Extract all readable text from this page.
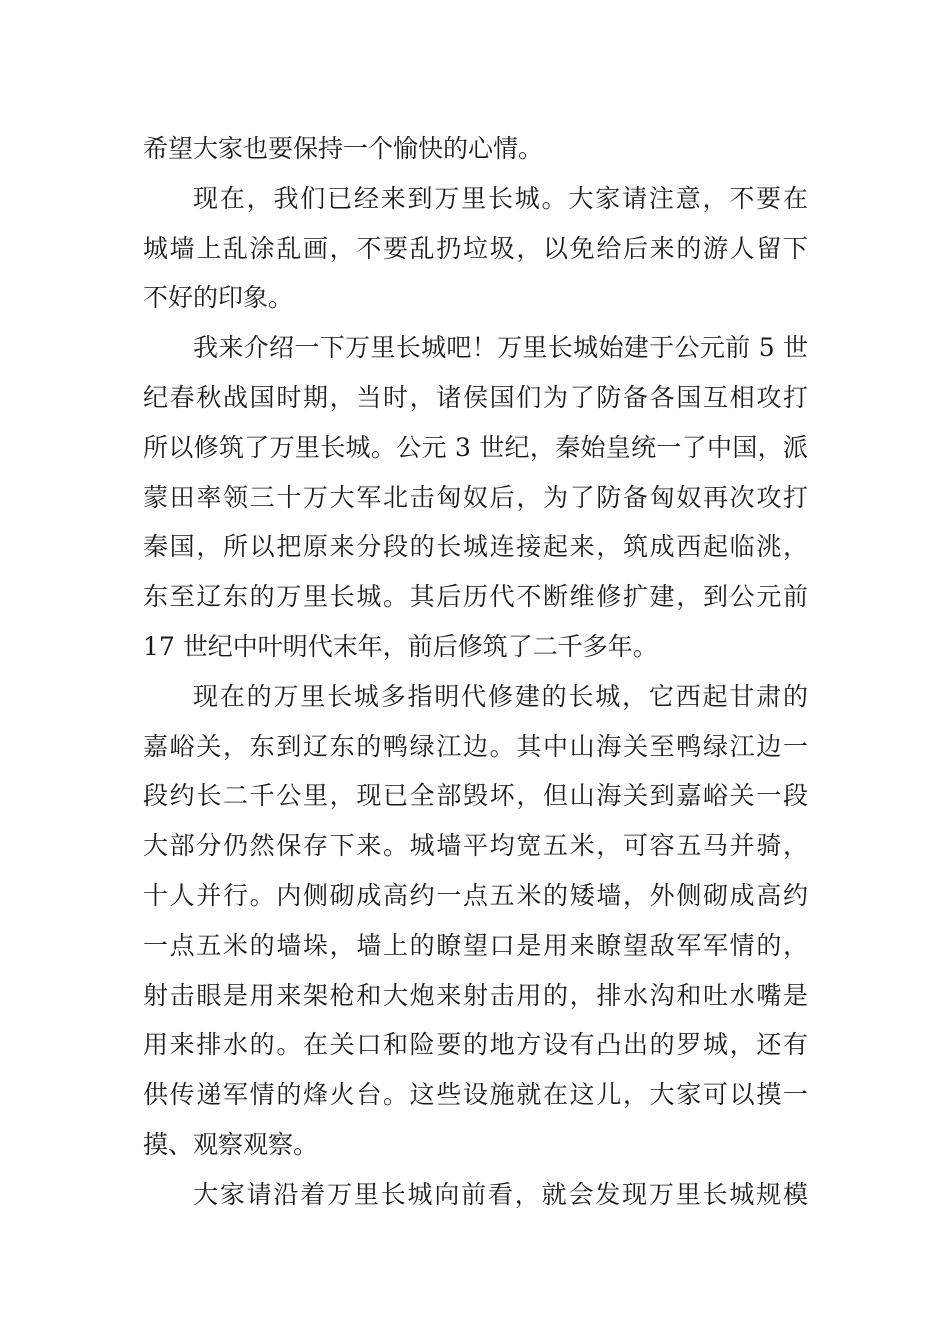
希望大家也要保持一个愉快的心情。
现在，我们已经来到万里长城。大家请注意，不要在
城墙上乱涂乱画，不要乱扔垃圾，以免给后来的游人留下
不好的印象。
我来介绍一下万里长城吧！万里长城始建于公元前 5 世
纪春秋战国时期，当时，诸侯国们为了防备各国互相攻打
所以修筑了万里长城。公元 3 世纪，秦始皇统一了中国，派
蒙田率领三十万大军北击匈奴后，为了防备匈奴再次攻打
秦国，所以把原来分段的长城连接起来，筑成西起临洮，
东至辽东的万里长城。其后历代不断维修扩建，到公元前
17 世纪中叶明代末年，前后修筑了二千多年。
现在的万里长城多指明代修建的长城，它西起甘肃的
嘉峪关，东到辽东的鸭绿江边。其中山海关至鸭绿江边一
段约长二千公里，现已全部毁坏，但山海关到嘉峪关一段
大部分仍然保存下来。城墙平均宽五米，可容五马并骑，
十人并行。内侧砌成高约一点五米的矮墙，外侧砌成高约
一点五米的墙垛，墙上的瞭望口是用来瞭望敌军军情的，
射击眼是用来架枪和大炮来射击用的，排水沟和吐水嘴是
用来排水的。在关口和险要的地方设有凸出的罗城，还有
供传递军情的烽火台。这些设施就在这儿，大家可以摸一
摸、观察观察。
大家请沿着万里长城向前看，就会发现万里长城规模
